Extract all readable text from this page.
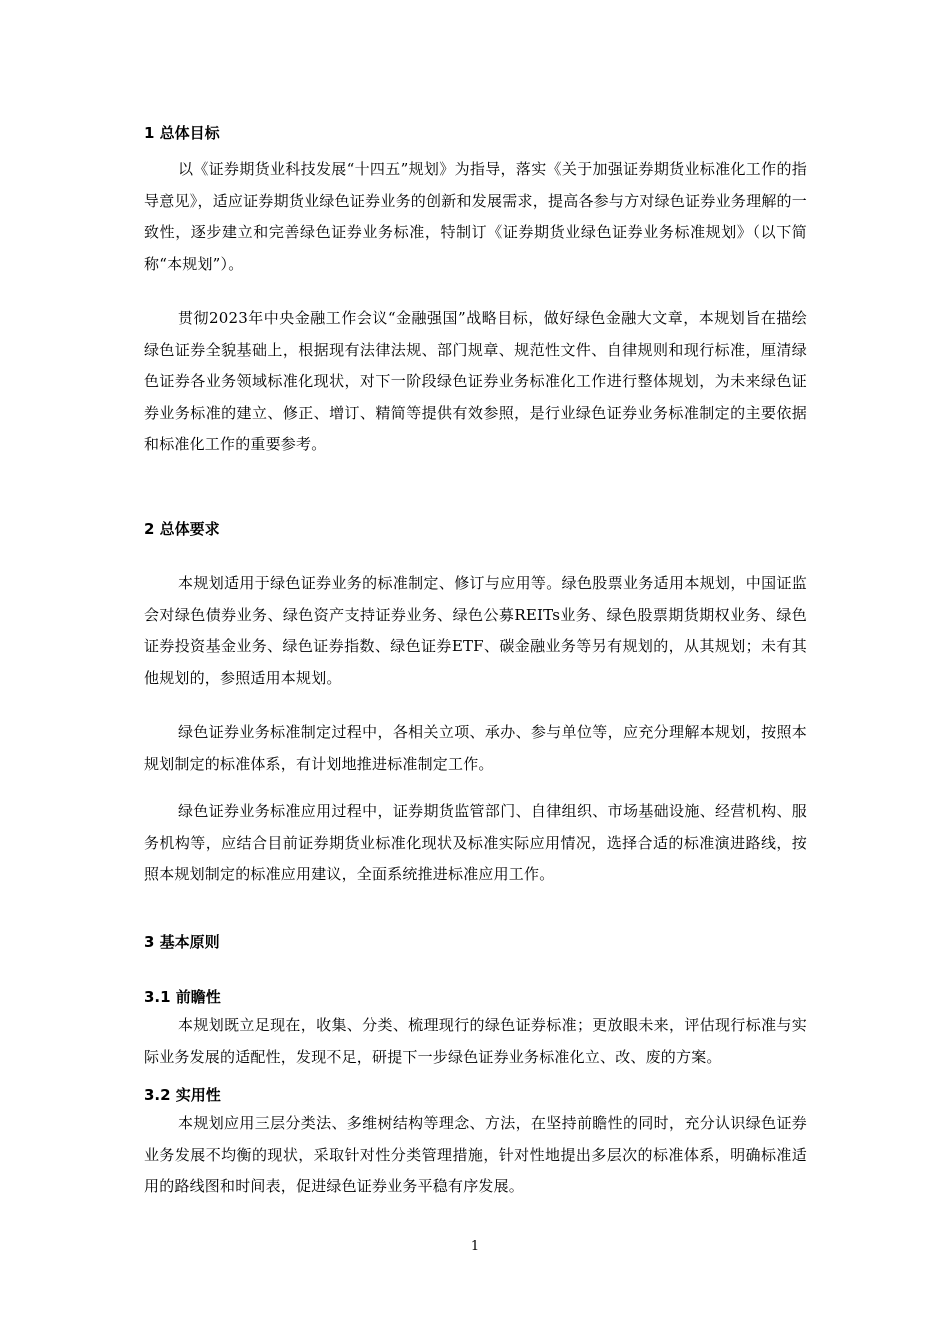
1 总体目标

以《证券期货业科技发展“十四五”规划》为指导，落实《关于加强证券期货业标准化工作的指导意见》，适应证券期货业绿色证券业务的创新和发展需求，提高各参与方对绿色证券业务理解的一致性，逐步建立和完善绿色证券业务标准，特制订《证券期货业绿色证券业务标准规划》（以下简称“本规划”）。

贯彻2023年中央金融工作会议“金融强国”战略目标，做好绿色金融大文章，本规划旨在描绘绿色证券全貌基础上，根据现有法律法规、部门规章、规范性文件、自律规则和现行标准，厘清绿色证券各业务领域标准化现状，对下一阶段绿色证券业务标准化工作进行整体规划，为未来绿色证券业务标准的建立、修正、增订、精简等提供有效参照，是行业绿色证券业务标准制定的主要依据和标准化工作的重要参考。

2 总体要求

本规划适用于绿色证券业务的标准制定、修订与应用等。绿色股票业务适用本规划，中国证监会对绿色债券业务、绿色资产支持证券业务、绿色公募REITs业务、绿色股票期货期权业务、绿色证券投资基金业务、绿色证券指数、绿色证券ETF、碳金融业务等另有规划的，从其规划；未有其他规划的，参照适用本规划。

绿色证券业务标准制定过程中，各相关立项、承办、参与单位等，应充分理解本规划，按照本规划制定的标准体系，有计划地推进标准制定工作。

绿色证券业务标准应用过程中，证券期货监管部门、自律组织、市场基础设施、经营机构、服务机构等，应结合目前证券期货业标准化现状及标准实际应用情况，选择合适的标准演进路线，按照本规划制定的标准应用建议，全面系统推进标准应用工作。

3 基本原则
3.1 前瞻性

本规划既立足现在，收集、分类、梳理现行的绿色证券标准；更放眼未来，评估现行标准与实际业务发展的适配性，发现不足，研提下一步绿色证券业务标准化立、改、废的方案。

3.2 实用性

本规划应用三层分类法、多维树结构等理念、方法，在坚持前瞻性的同时，充分认识绿色证券业务发展不均衡的现状，采取针对性分类管理措施，针对性地提出多层次的标准体系，明确标准适用的路线图和时间表，促进绿色证券业务平稳有序发展。

1
